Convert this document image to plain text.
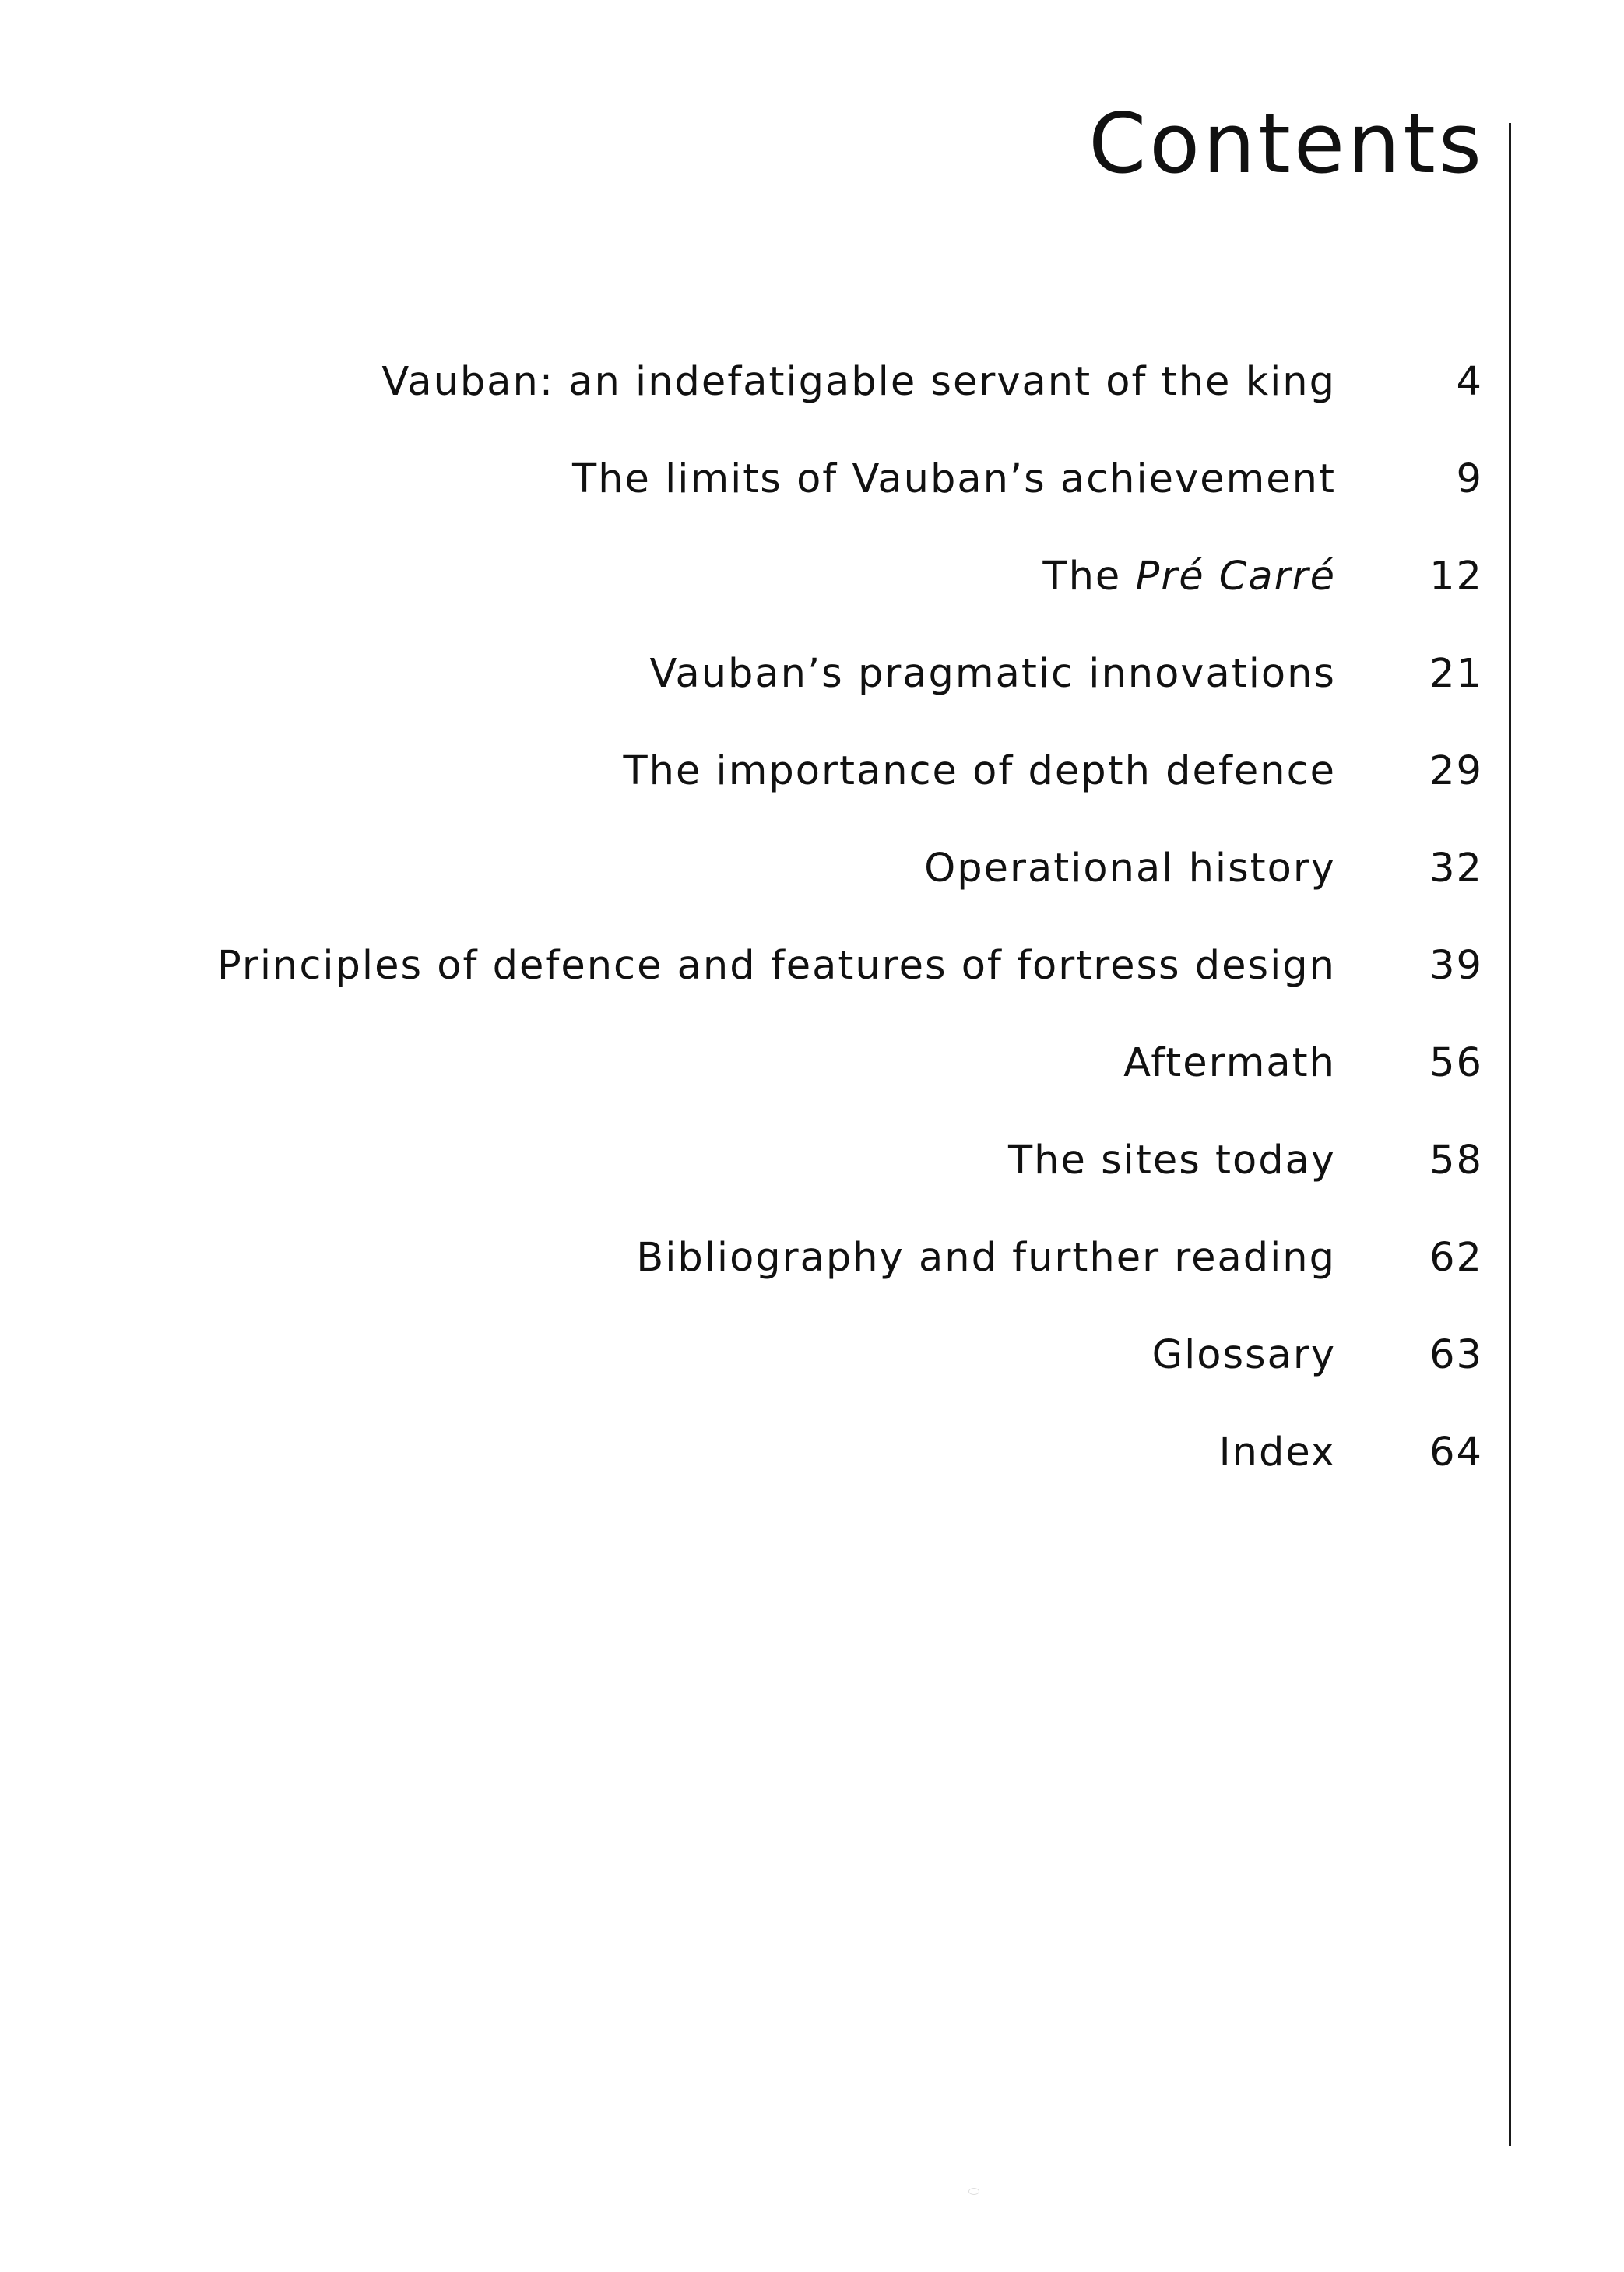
Contents
Vauban: an indefatigable servant of the king	4
The limits of Vauban’s achievement	9
The Pré Carré 12
Vauban’s pragmatic innovations 21
The importance of depth defence 29
Operational history 32
Principles of defence and features of fortress design 39
Aftermath 56
The sites today 58
Bibliography and further reading 62
Glossary 63
Index 64
